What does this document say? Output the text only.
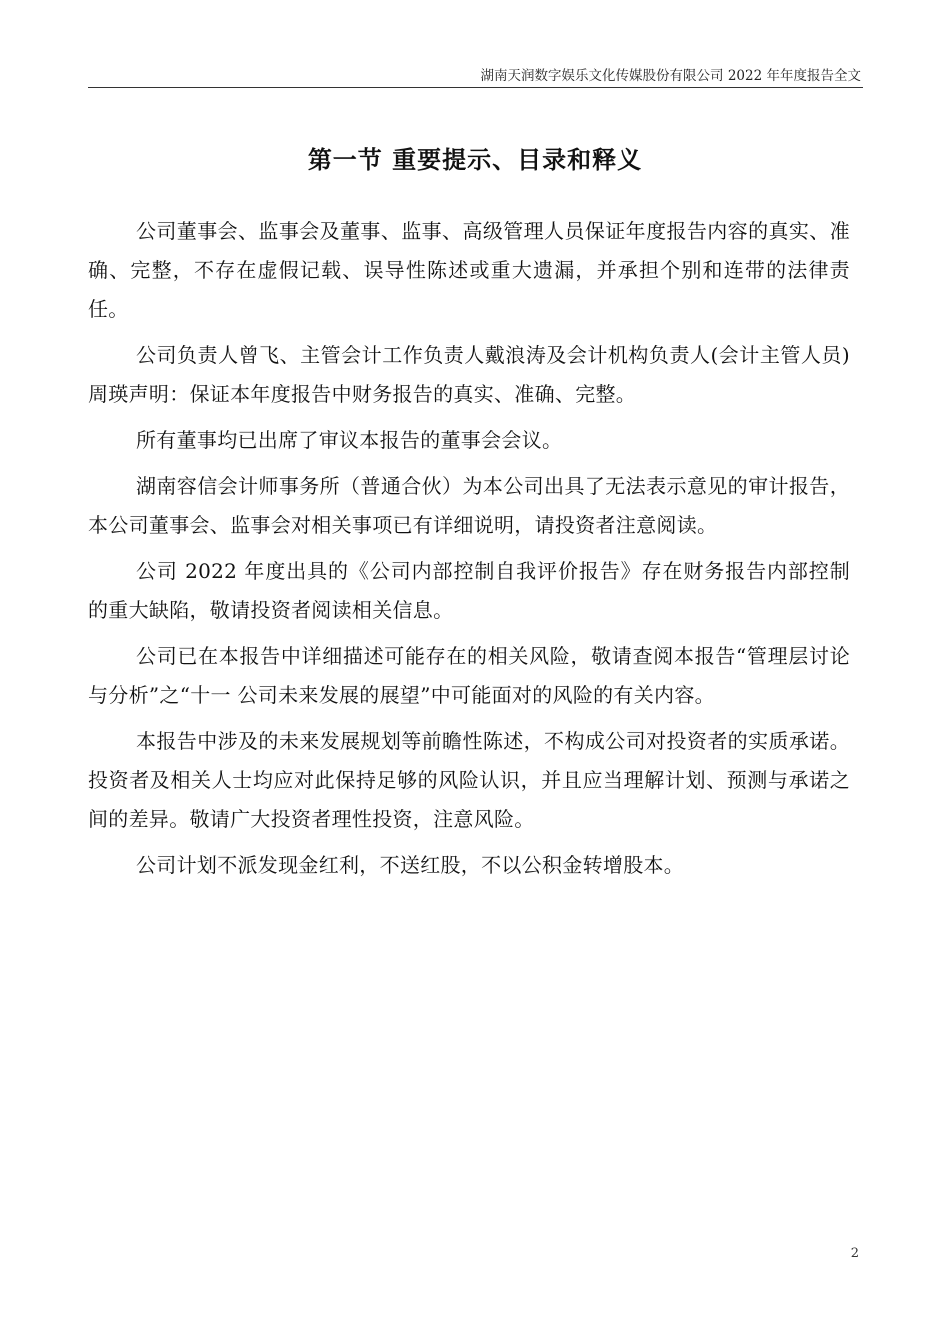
湖南天润数字娱乐文化传媒股份有限公司 2022 年年度报告全文
第一节 重要提示、目录和释义

公司董事会、监事会及董事、监事、高级管理人员保证年度报告内容的真实、准确、完整，不存在虚假记载、误导性陈述或重大遗漏，并承担个别和连带的法律责任。

公司负责人曾飞、主管会计工作负责人戴浪涛及会计机构负责人(会计主管人员)周瑛声明：保证本年度报告中财务报告的真实、准确、完整。

所有董事均已出席了审议本报告的董事会会议。

湖南容信会计师事务所（普通合伙）为本公司出具了无法表示意见的审计报告，本公司董事会、监事会对相关事项已有详细说明，请投资者注意阅读。

公司 2022 年度出具的《公司内部控制自我评价报告》存在财务报告内部控制的重大缺陷，敬请投资者阅读相关信息。

公司已在本报告中详细描述可能存在的相关风险，敬请查阅本报告“管理层讨论与分析”之“十一 公司未来发展的展望”中可能面对的风险的有关内容。

本报告中涉及的未来发展规划等前瞻性陈述，不构成公司对投资者的实质承诺。投资者及相关人士均应对此保持足够的风险认识，并且应当理解计划、预测与承诺之间的差异。敬请广大投资者理性投资，注意风险。

公司计划不派发现金红利，不送红股，不以公积金转增股本。

2
